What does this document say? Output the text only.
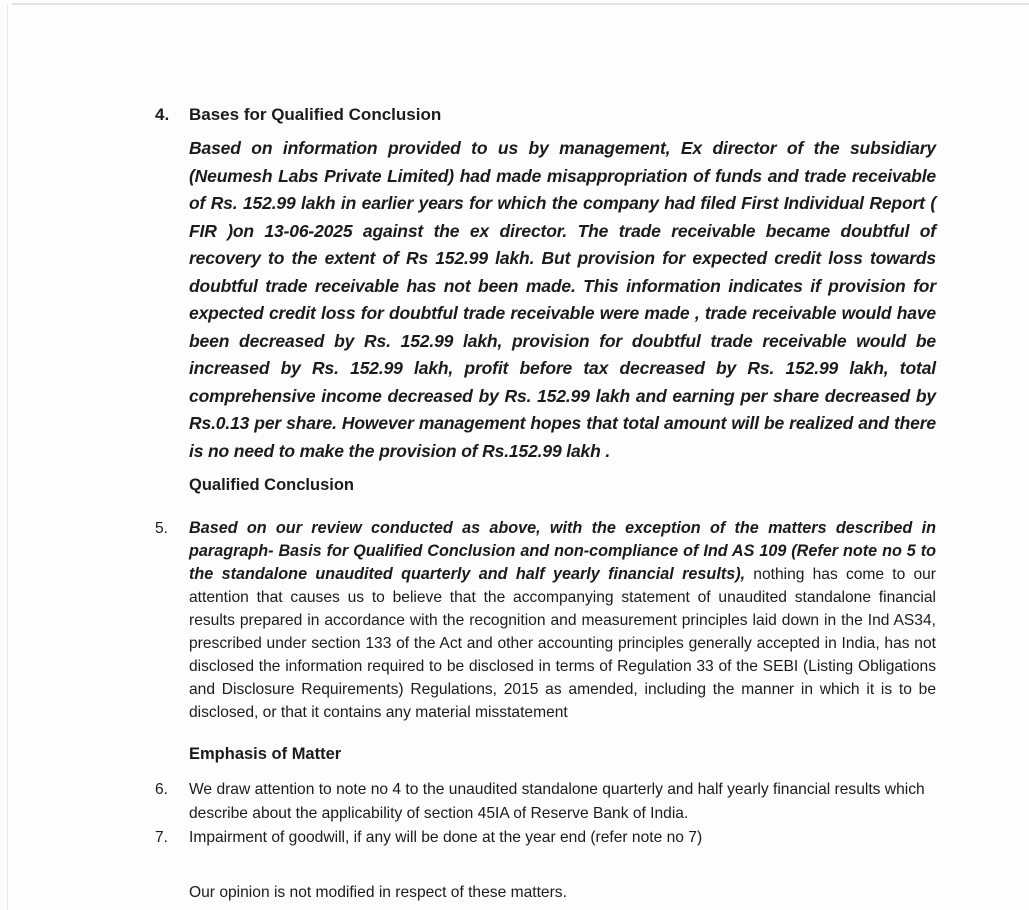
4.	Bases for Qualified Conclusion
Based on information provided to us by management, Ex director of the subsidiary (Neumesh Labs Private Limited) had made misappropriation of funds and trade receivable of Rs. 152.99 lakh in earlier years for which the company had filed First Individual Report ( FIR )on 13-06-2025 against the ex director. The trade receivable became doubtful of recovery to the extent of Rs 152.99 lakh. But provision for expected credit loss towards doubtful trade receivable has not been made. This information indicates if provision for expected credit loss for doubtful trade receivable were made , trade receivable would have been decreased by Rs. 152.99 lakh, provision for doubtful trade receivable would be increased by Rs. 152.99 lakh, profit before tax decreased by Rs. 152.99 lakh, total comprehensive income decreased by Rs. 152.99 lakh and earning per share decreased by Rs.0.13 per share. However management hopes that total amount will be realized and there is no need to make the provision of Rs.152.99 lakh .
Qualified Conclusion
5.	Based on our review conducted as above, with the exception of the matters described in paragraph- Basis for Qualified Conclusion and non-compliance of Ind AS 109 (Refer note no 5 to the standalone unaudited quarterly and half yearly financial results), nothing has come to our attention that causes us to believe that the accompanying statement of unaudited standalone financial results prepared in accordance with the recognition and measurement principles laid down in the Ind AS34, prescribed under section 133 of the Act and other accounting principles generally accepted in India, has not disclosed the information required to be disclosed in terms of Regulation 33 of the SEBI (Listing Obligations and Disclosure Requirements) Regulations, 2015 as amended, including the manner in which it is to be disclosed, or that it contains any material misstatement
Emphasis of Matter
6.	We draw attention to note no 4 to the unaudited standalone quarterly and half yearly financial results which describe about the applicability of section 45IA of Reserve Bank of India.
7.	Impairment of goodwill, if any will be done at the year end (refer note no 7)
Our opinion is not modified in respect of these matters.
